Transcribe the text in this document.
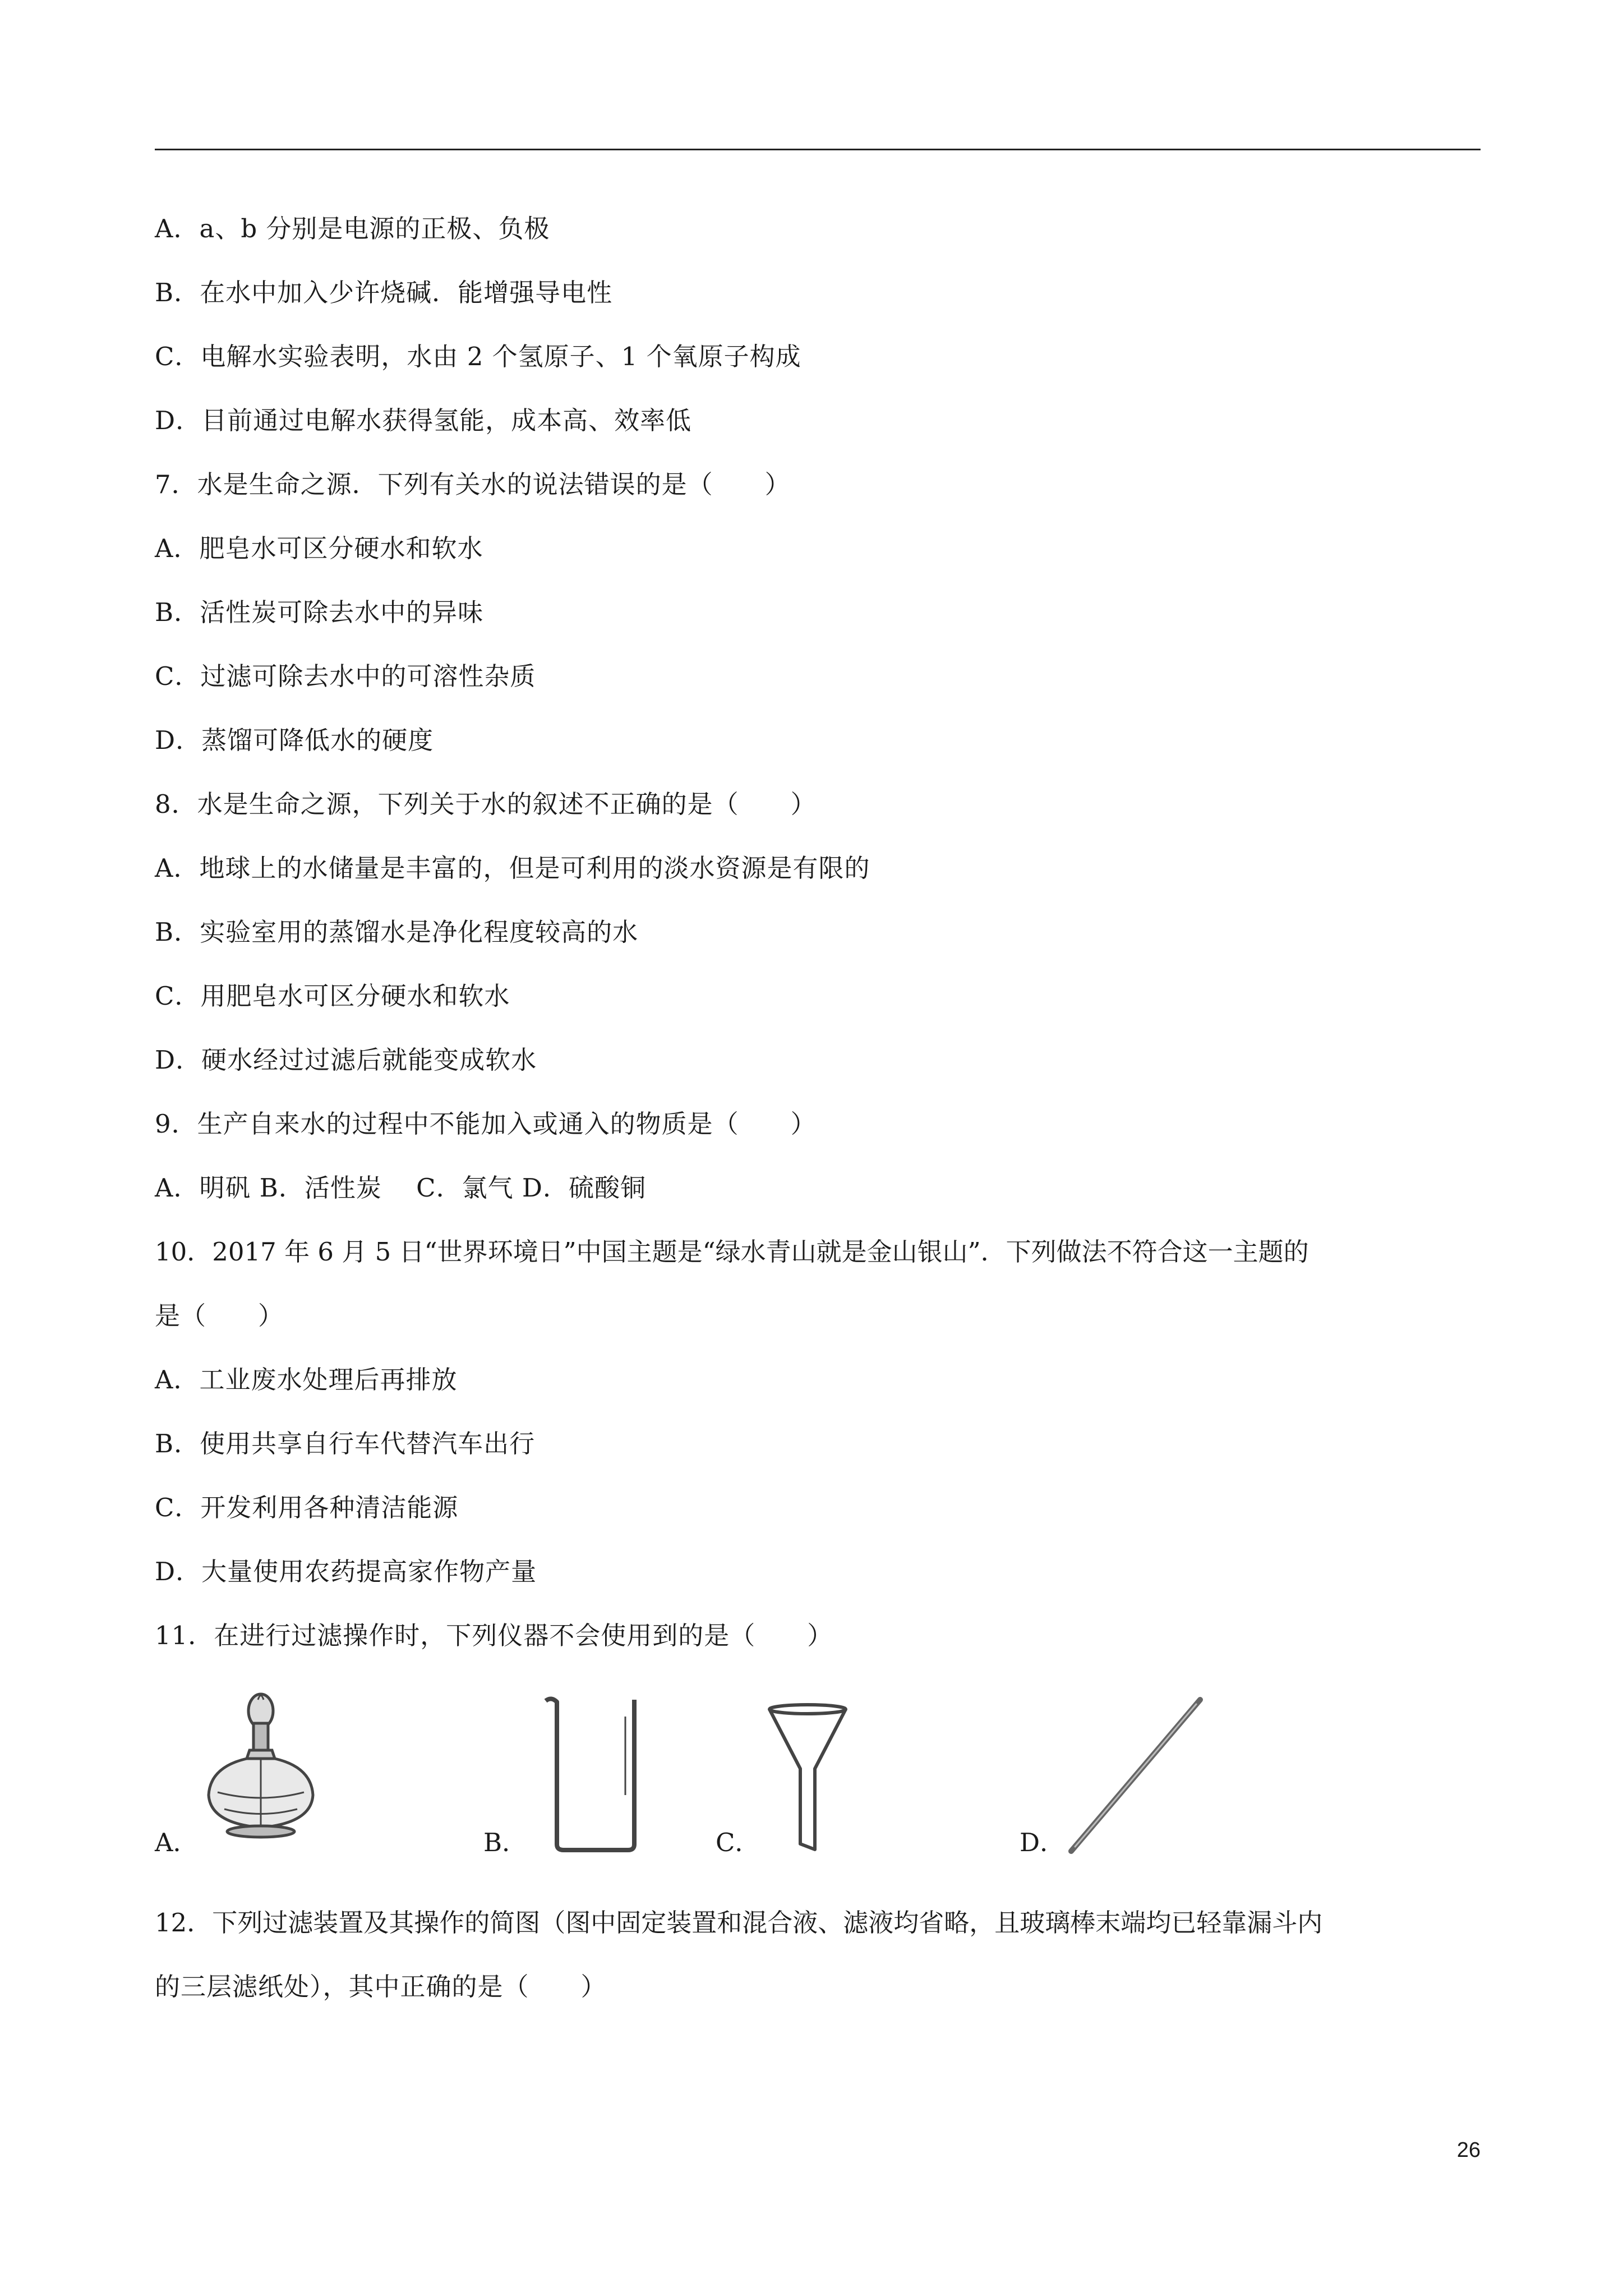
A．a、b 分别是电源的正极、负极
B．在水中加入少许烧碱．能增强导电性
C．电解水实验表明，水由 2 个氢原子、1 个氧原子构成
D．目前通过电解水获得氢能，成本高、效率低
7．水是生命之源．下列有关水的说法错误的是（　　）
A．肥皂水可区分硬水和软水
B．活性炭可除去水中的异味
C．过滤可除去水中的可溶性杂质
D．蒸馏可降低水的硬度
8．水是生命之源，下列关于水的叙述不正确的是（　　）
A．地球上的水储量是丰富的，但是可利用的淡水资源是有限的
B．实验室用的蒸馏水是净化程度较高的水
C．用肥皂水可区分硬水和软水
D．硬水经过过滤后就能变成软水
9．生产自来水的过程中不能加入或通入的物质是（　　）
A．明矾 B．活性炭　 C．氯气 D．硫酸铜
10．2017 年 6 月 5 日“世界环境日”中国主题是“绿水青山就是金山银山”．下列做法不符合这一主题的
是（　　）
A．工业废水处理后再排放
B．使用共享自行车代替汽车出行
C．开发利用各种清洁能源
D．大量使用农药提高家作物产量
11．在进行过滤操作时，下列仪器不会使用到的是（　　）
A．	B．	C．	D．
12．下列过滤装置及其操作的简图（图中固定装置和混合液、滤液均省略，且玻璃棒末端均已轻靠漏斗内
的三层滤纸处），其中正确的是（　　）
26
